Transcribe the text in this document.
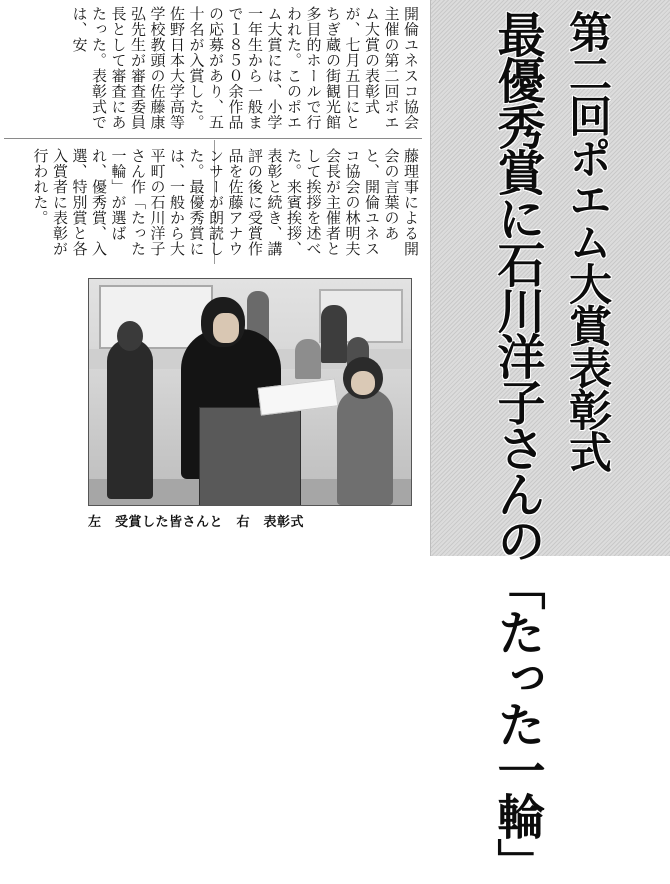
第二回ポエム大賞表彰式
最優秀賞に石川洋子さんの「たった一輪」
開倫ユネスコ協会主催の第二回ポエム大賞の表彰式が、七月五日にとちぎ蔵の街観光館多目的ホールで行われた。このポエム大賞には、小学一年生から一般まで１８５０余作品の応募があり、五十名が入賞した。佐野日本大学高等学校教頭の佐藤康弘先生が審査委員長として審査にあたった。表彰式では、安
藤理事による開会の言葉のあと、開倫ユネスコ協会の林明夫会長が主催者として挨拶を述べた。来賓挨拶、表彰と続き、講評の後に受賞作品を佐藤アナウンサーが朗読した。最優秀賞には、一般から大平町の石川洋子さん作「たった一輪」が選ばれ、優秀賞、入選、特別賞と各入賞者に表彰が行われた。
左　受賞した皆さんと　右　表彰式
